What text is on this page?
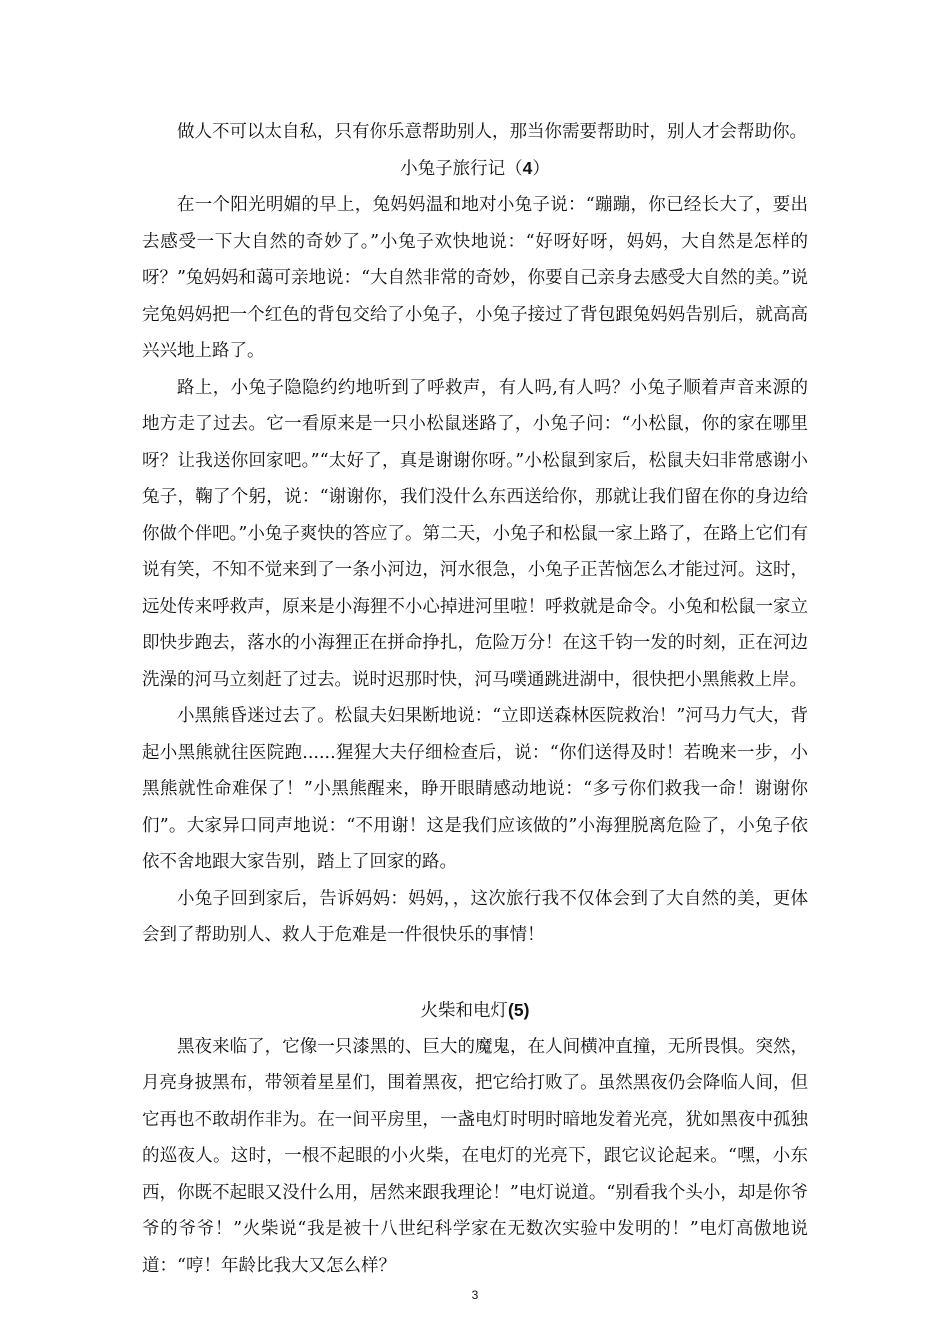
做人不可以太自私，只有你乐意帮助别人，那当你需要帮助时，别人才会帮助你。

小兔子旅行记（4）

在一个阳光明媚的早上，兔妈妈温和地对小兔子说：“蹦蹦，你已经长大了，要出去感受一下大自然的奇妙了。”小兔子欢快地说：“好呀好呀，妈妈，大自然是怎样的呀？”兔妈妈和蔼可亲地说：“大自然非常的奇妙，你要自己亲身去感受大自然的美。”说完兔妈妈把一个红色的背包交给了小兔子，小兔子接过了背包跟兔妈妈告别后，就高高兴兴地上路了。

路上，小兔子隐隐约约地听到了呼救声，有人吗,有人吗？小兔子顺着声音来源的地方走了过去。它一看原来是一只小松鼠迷路了，小兔子问：“小松鼠，你的家在哪里呀？让我送你回家吧。”“太好了，真是谢谢你呀。”小松鼠到家后，松鼠夫妇非常感谢小兔子，鞠了个躬，说：“谢谢你，我们没什么东西送给你，那就让我们留在你的身边给你做个伴吧。”小兔子爽快的答应了。第二天，小兔子和松鼠一家上路了，在路上它们有说有笑，不知不觉来到了一条小河边，河水很急，小兔子正苦恼怎么才能过河。这时，远处传来呼救声，原来是小海狸不小心掉进河里啦！呼救就是命令。小兔和松鼠一家立即快步跑去，落水的小海狸正在拼命挣扎，危险万分！在这千钧一发的时刻，正在河边洗澡的河马立刻赶了过去。说时迟那时快，河马噗通跳进湖中，很快把小黑熊救上岸。

小黑熊昏迷过去了。松鼠夫妇果断地说：“立即送森林医院救治！”河马力气大，背起小黑熊就往医院跑......猩猩大夫仔细检查后，说：“你们送得及时！若晚来一步，小黑熊就性命难保了！”小黑熊醒来，睁开眼睛感动地说：“多亏你们救我一命！谢谢你们”。大家异口同声地说：“不用谢！这是我们应该做的”小海狸脱离危险了，小兔子依依不舍地跟大家告别，踏上了回家的路。

小兔子回到家后，告诉妈妈：妈妈，，这次旅行我不仅体会到了大自然的美，更体会到了帮助别人、救人于危难是一件很快乐的事情！

火柴和电灯(5)

黑夜来临了，它像一只漆黑的、巨大的魔鬼，在人间横冲直撞，无所畏惧。突然，月亮身披黑布，带领着星星们，围着黑夜，把它给打败了。虽然黑夜仍会降临人间，但它再也不敢胡作非为。在一间平房里，一盏电灯时明时暗地发着光亮，犹如黑夜中孤独的巡夜人。这时，一根不起眼的小火柴，在电灯的光亮下，跟它议论起来。“嘿，小东西，你既不起眼又没什么用，居然来跟我理论！”电灯说道。“别看我个头小，却是你爷爷的爷爷！”火柴说“我是被十八世纪科学家在无数次实验中发明的！”电灯高傲地说道：“哼！年龄比我大又怎么样？

3
